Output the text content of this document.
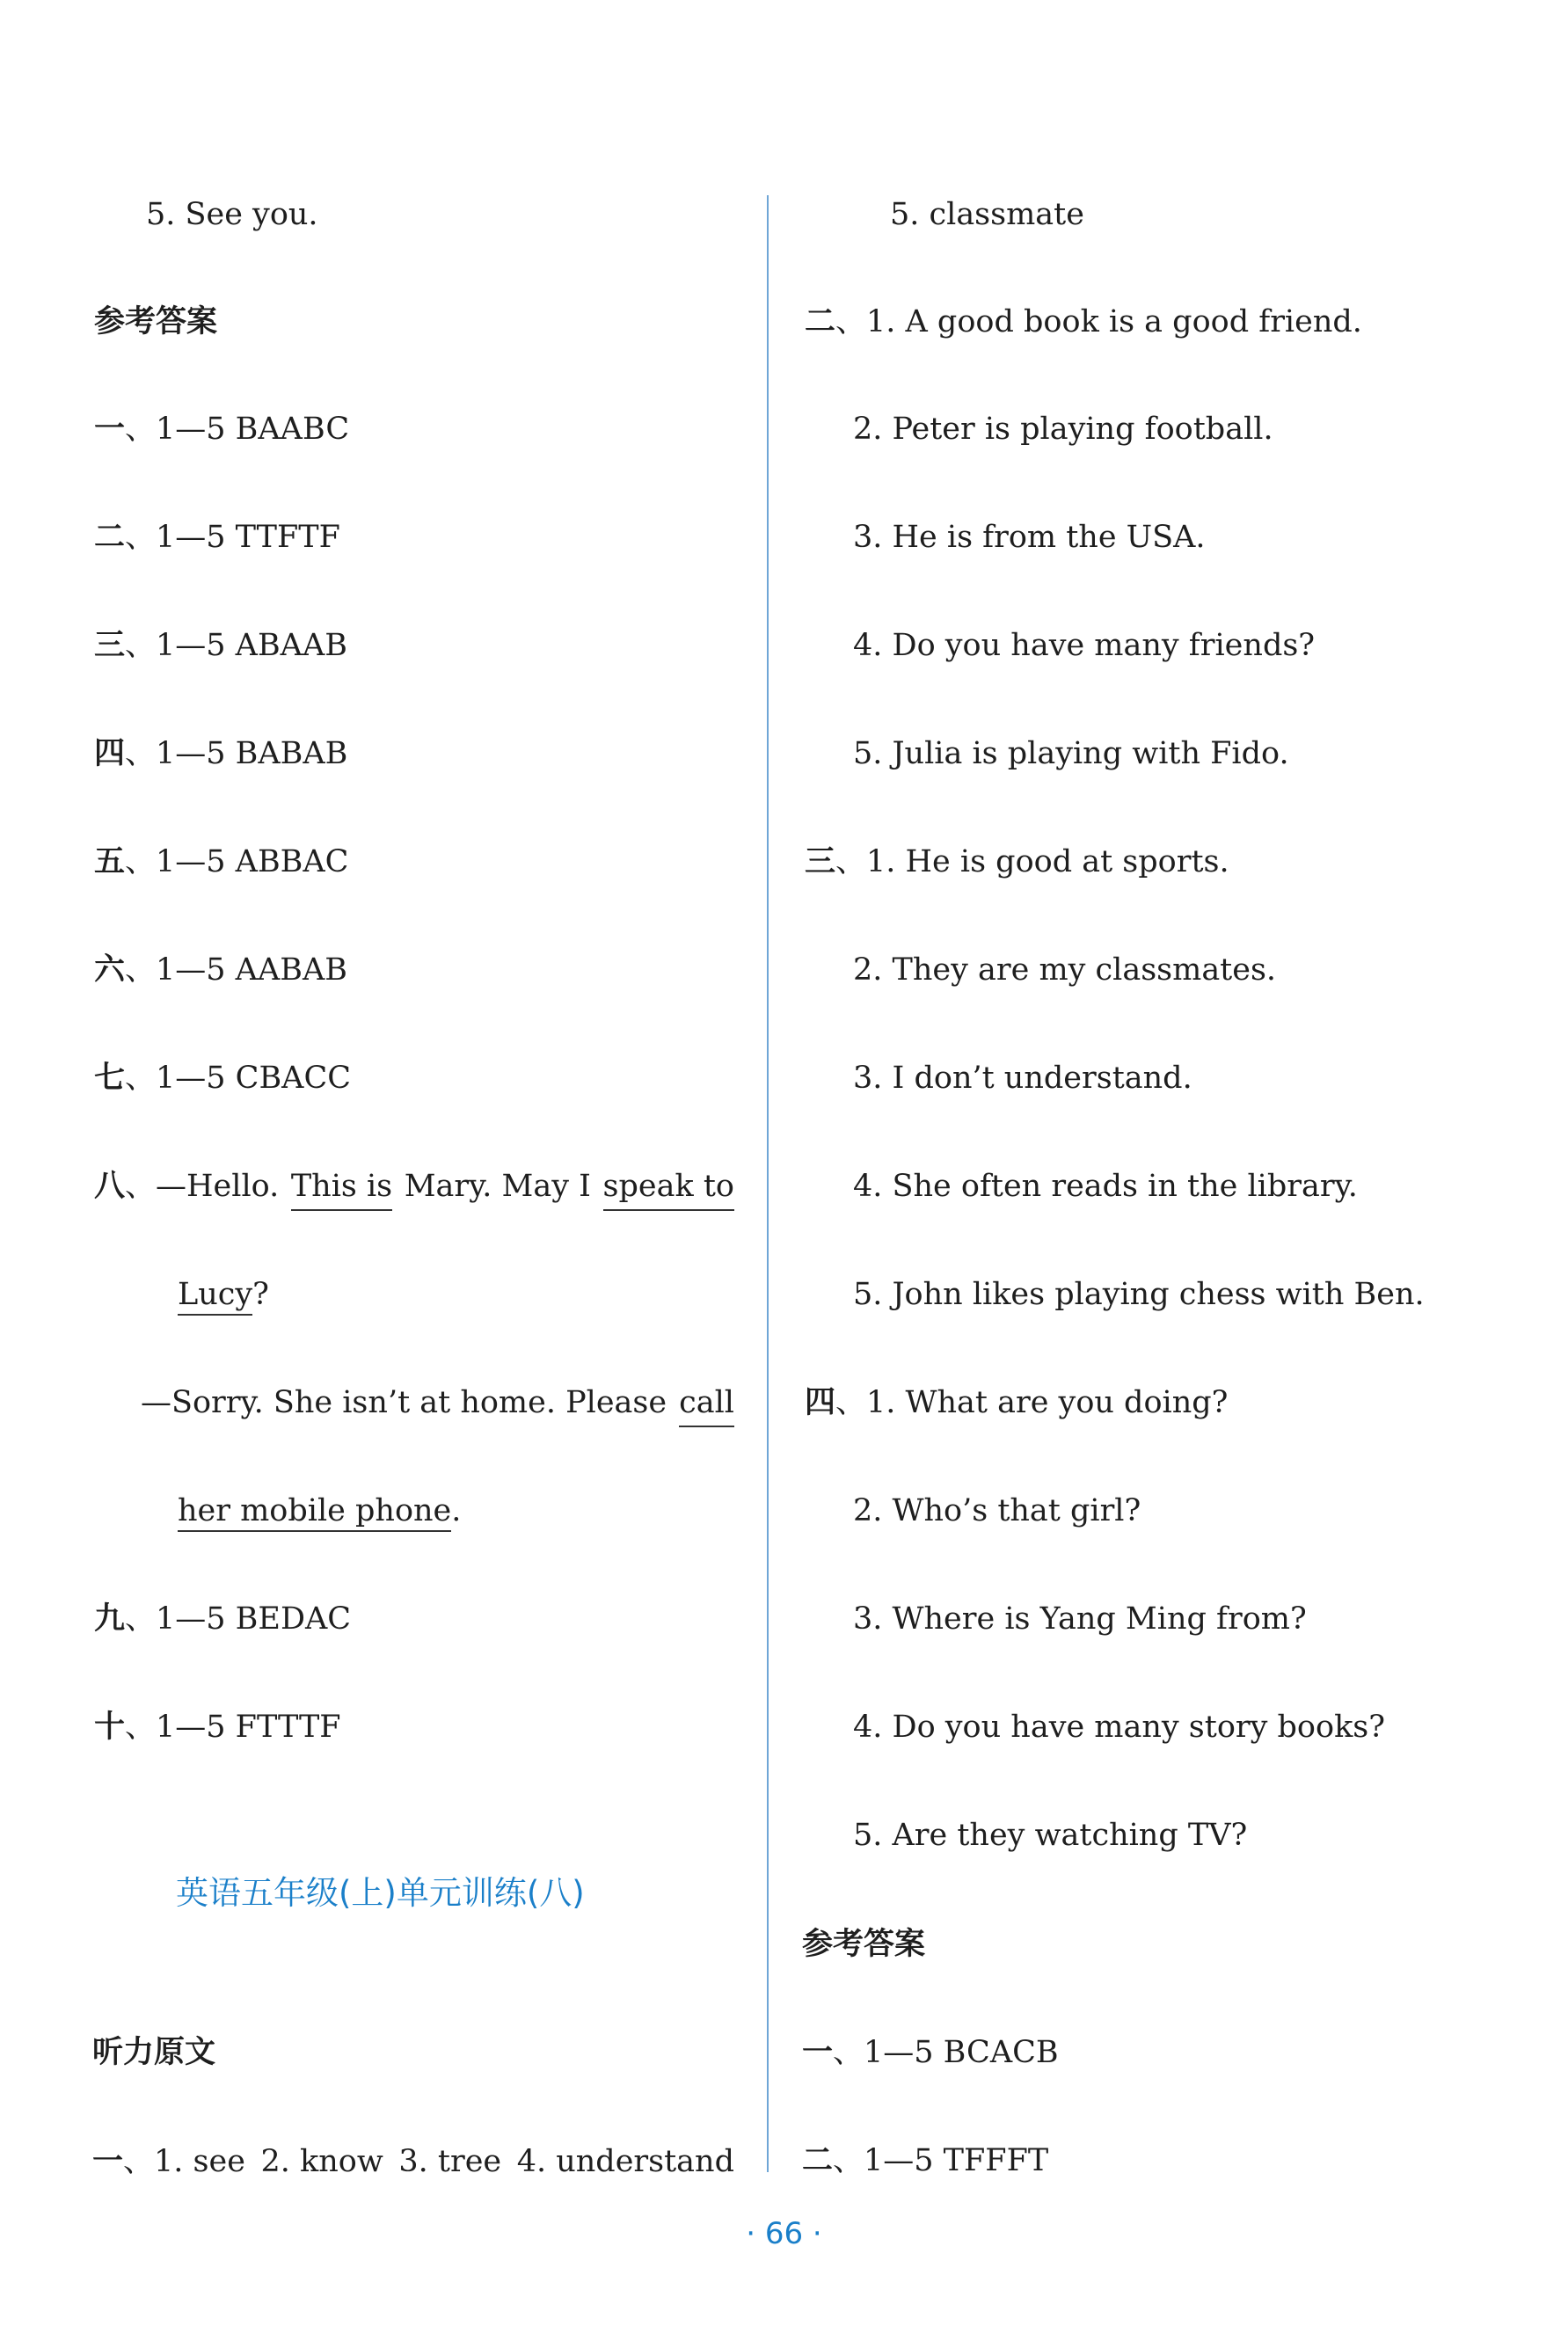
5. See you.
参考答案
一、1—5 BAABC
二、1—5 TTFTF
三、1—5 ABAAB
四、1—5 BABAB
五、1—5 ABBAC
六、1—5 AABAB
七、1—5 CBACC
八、—Hello. This is Mary. May I speak to
Lucy?
—Sorry. She isn’t at home. Please call
her mobile phone.
九、1—5 BEDAC
十、1—5 FTTTF
英语五年级(上)单元训练(八)
听力原文
一、1. see 2. know 3. tree 4. understand
5. classmate
二、1. A good book is a good friend.
2. Peter is playing football.
3. He is from the USA.
4. Do you have many friends?
5. Julia is playing with Fido.
三、1. He is good at sports.
2. They are my classmates.
3. I don’t understand.
4. She often reads in the library.
5. John likes playing chess with Ben.
四、1. What are you doing?
2. Who’s that girl?
3. Where is Yang Ming from?
4. Do you have many story books?
5. Are they watching TV?
参考答案
一、1—5 BCACB
二、1—5 TFFFT
· 66 ·
